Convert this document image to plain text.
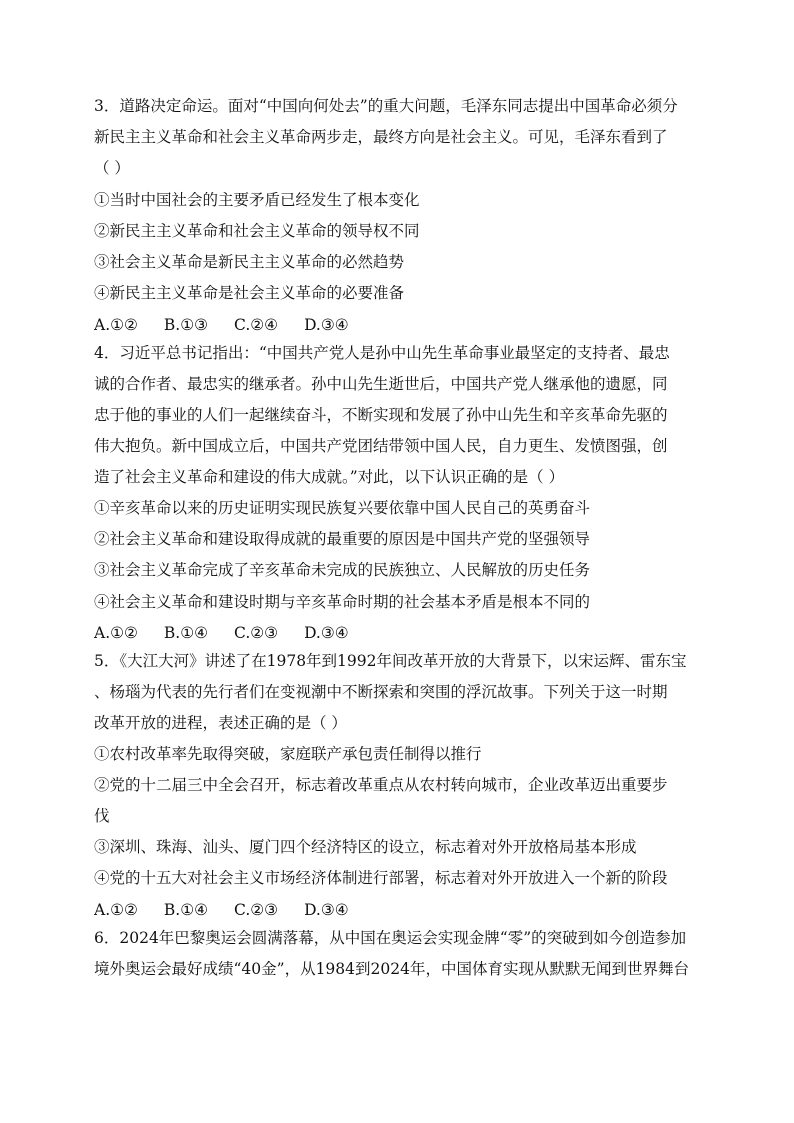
3．道路决定命运。面对“中国向何处去”的重大问题，毛泽东同志提出中国革命必须分
新民主主义革命和社会主义革命两步走，最终方向是社会主义。可见，毛泽东看到了
（ ）
①当时中国社会的主要矛盾已经发生了根本变化
②新民主主义革命和社会主义革命的领导权不同
③社会主义革命是新民主主义革命的必然趋势
④新民主主义革命是社会主义革命的必要准备
A.①② B.①③ C.②④ D.③④
4．习近平总书记指出：“中国共产党人是孙中山先生革命事业最坚定的支持者、最忠
诚的合作者、最忠实的继承者。孙中山先生逝世后，中国共产党人继承他的遗愿，同
忠于他的事业的人们一起继续奋斗，不断实现和发展了孙中山先生和辛亥革命先驱的
伟大抱负。新中国成立后，中国共产党团结带领中国人民，自力更生、发愤图强，创
造了社会主义革命和建设的伟大成就。”对此，以下认识正确的是（ ）
①辛亥革命以来的历史证明实现民族复兴要依靠中国人民自己的英勇奋斗
②社会主义革命和建设取得成就的最重要的原因是中国共产党的坚强领导
③社会主义革命完成了辛亥革命未完成的民族独立、人民解放的历史任务
④社会主义革命和建设时期与辛亥革命时期的社会基本矛盾是根本不同的
A.①② B.①④ C.②③ D.③④
5．《大江大河》讲述了在1978年到1992年间改革开放的大背景下，以宋运辉、雷东宝
、杨瑙为代表的先行者们在变视潮中不断探索和突围的浮沉故事。下列关于这一时期
改革开放的进程，表述正确的是（ ）
①农村改革率先取得突破，家庭联产承包责任制得以推行
②党的十二届三中全会召开，标志着改革重点从农村转向城市，企业改革迈出重要步
伐
③深圳、珠海、汕头、厦门四个经济特区的设立，标志着对外开放格局基本形成
④党的十五大对社会主义市场经济体制进行部署，标志着对外开放进入一个新的阶段
A.①② B.①④ C.②③ D.③④
6．2024年巴黎奥运会圆满落幕，从中国在奥运会实现金牌“零”的突破到如今创造参加
境外奥运会最好成绩“40金”，从1984到2024年，中国体育实现从默默无闻到世界舞台
